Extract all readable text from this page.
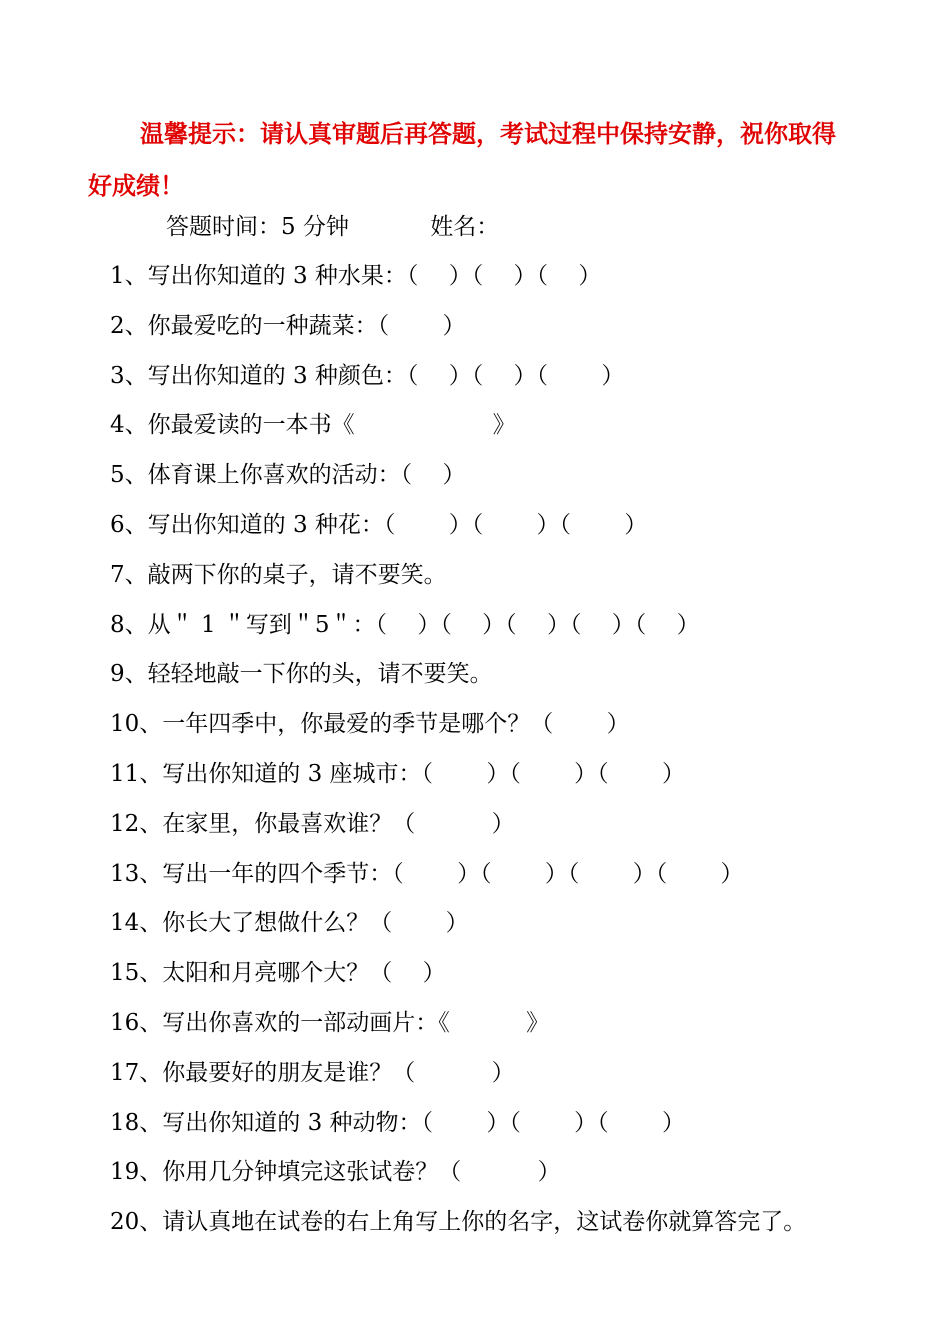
温馨提示：请认真审题后再答题，考试过程中保持安静，祝你取得
好成绩！
答题时间：5 分钟	姓名：
1、写出你知道的 3 种水果：（　 ）（　 ）（　 ）
2、你最爱吃的一种蔬菜：（　　 ）
3、写出你知道的 3 种颜色：（　 ）（　 ）（　　 ）
4、你最爱读的一本书《　　　　　　》
5、体育课上你喜欢的活动：（　 ）
6、写出你知道的 3 种花：（　　 ）（　　 ）（　　 ）
7、敲两下你的桌子，请不要笑。
8、从＂ 1 ＂写到＂5＂：（　 ）（　 ）（　 ）（　 ）（　 ）
9、轻轻地敲一下你的头，请不要笑。
10、一年四季中，你最爱的季节是哪个？（　　 ）
11、写出你知道的 3 座城市：（　　 ）（　　 ）（　　 ）
12、在家里，你最喜欢谁？（　　　 ）
13、写出一年的四个季节：（　　 ）（　　 ）（　　 ）（　　 ）
14、你长大了想做什么？（　　 ）
15、太阳和月亮哪个大？（　 ）
16、写出你喜欢的一部动画片：《　　　 》
17、你最要好的朋友是谁？（　　　 ）
18、写出你知道的 3 种动物：（　　 ）（　　 ）（　　 ）
19、你用几分钟填完这张试卷？（　　　 ）
20、请认真地在试卷的右上角写上你的名字，这试卷你就算答完了。
